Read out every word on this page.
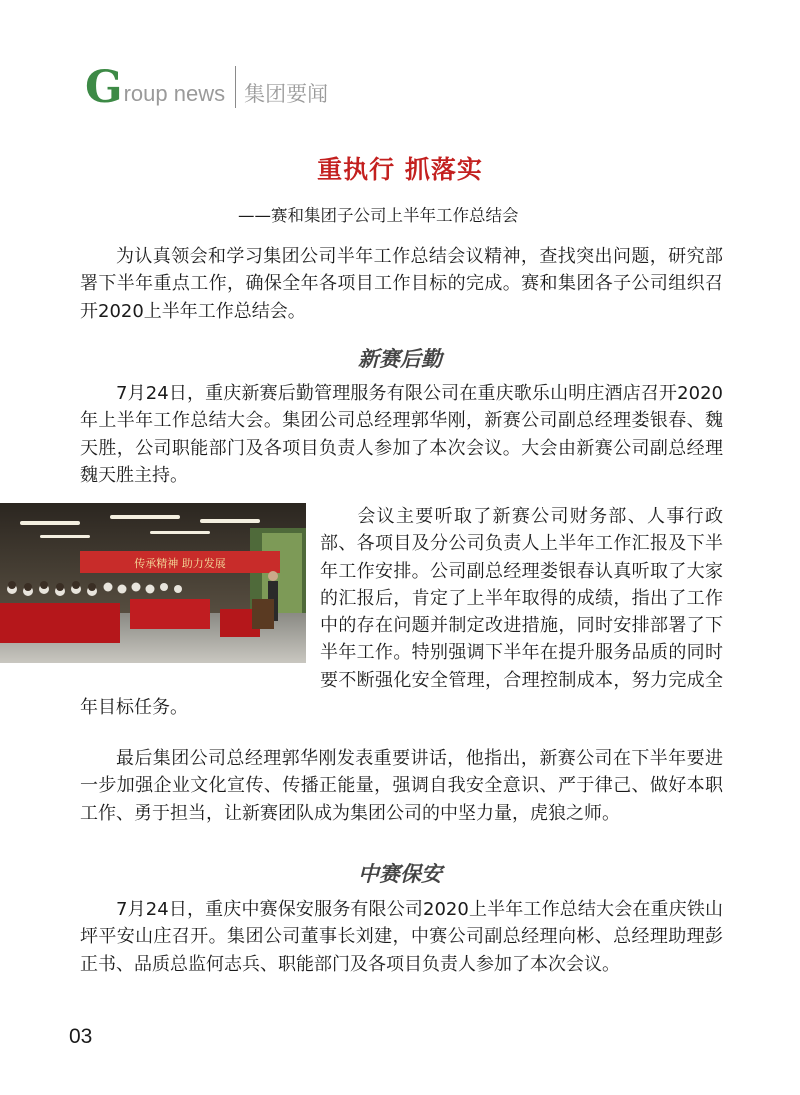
G roup news 集团要闻
重执行 抓落实
——赛和集团子公司上半年工作总结会
为认真领会和学习集团公司半年工作总结会议精神，查找突出问题，研究部署下半年重点工作，确保全年各项目工作目标的完成。赛和集团各子公司组织召开2020上半年工作总结会。
新赛后勤
7月24日，重庆新赛后勤管理服务有限公司在重庆歌乐山明庄酒店召开2020年上半年工作总结大会。集团公司总经理郭华刚，新赛公司副总经理娄银春、魏天胜，公司职能部门及各项目负责人参加了本次会议。大会由新赛公司副总经理魏天胜主持。
传承精神 助力发展
会议主要听取了新赛公司财务部、人事行政部、各项目及分公司负责人上半年工作汇报及下半年工作安排。公司副总经理娄银春认真听取了大家的汇报后，肯定了上半年取得的成绩，指出了工作中的存在问题并制定改进措施，同时安排部署了下半年工作。特别强调下半年在提升服务品质的同时要不断强化安全管理，合理控制成本，努力完成全年目标任务。
最后集团公司总经理郭华刚发表重要讲话，他指出，新赛公司在下半年要进一步加强企业文化宣传、传播正能量，强调自我安全意识、严于律己、做好本职工作、勇于担当，让新赛团队成为集团公司的中坚力量，虎狼之师。
中赛保安
7月24日，重庆中赛保安服务有限公司2020上半年工作总结大会在重庆铁山坪平安山庄召开。集团公司董事长刘建，中赛公司副总经理向彬、总经理助理彭正书、品质总监何志兵、职能部门及各项目负责人参加了本次会议。
03
